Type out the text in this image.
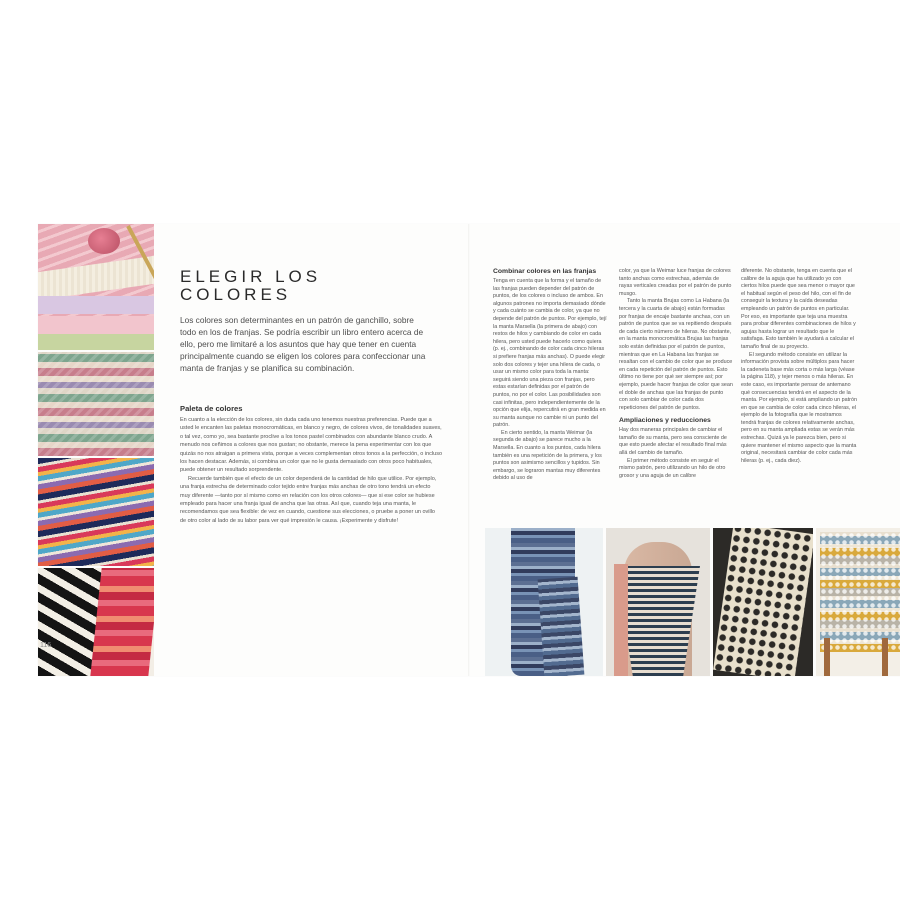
116
ELEGIR LOS
COLORES
Los colores son determinantes en un patrón de ganchillo, sobre todo en los de franjas. Se podría escribir un libro entero acerca de ello, pero me limitaré a los asuntos que hay que tener en cuenta principalmente cuando se eligen los colores para confeccionar una manta de franjas y se planifica su combinación.
Paleta de colores

En cuanto a la elección de los colores, sin duda cada uno tenemos nuestras preferencias. Puede que a usted le encanten las paletas monocromáticas, en blanco y negro, de colores vivos, de tonalidades suaves, o tal vez, como yo, sea bastante proclive a los tonos pastel combinados con abundante blanco crudo. A menudo nos ceñimos a colores que nos gustan; no obstante, merece la pena experimentar con los que quizás no nos atraigan a primera vista, porque a veces complementan otros tonos a la perfección, o incluso los hacen destacar. Además, si combina un color que no le gusta demasiado con otros poco habituales, puede obtener un resultado sorprendente.

Recuerde también que el efecto de un color dependerá de la cantidad de hilo que utilice. Por ejemplo, una franja estrecha de determinado color tejido entre franjas más anchas de otro tono tendrá un efecto muy diferente —tanto por sí mismo como en relación con los otros colores— que si ese color se hubiese empleado para hacer una franja igual de ancha que las otras. Así que, cuando teja una manta, le recomendamos que sea flexible: de vez en cuando, cuestione sus elecciones, o pruebe a poner un ovillo de otro color al lado de su labor para ver qué impresión le causa. ¡Experimente y disfrute!

Combinar colores en las franjas

Tenga en cuenta que la forma y el tamaño de las franjas pueden depender del patrón de puntos, de los colores o incluso de ambos. En algunos patrones no importa demasiado dónde y cada cuánto se cambia de color, ya que no depende del patrón de puntos. Por ejemplo, tejí la manta Marsella (la primera de abajo) con restos de hilos y cambiando de color en cada hilera, pero usted puede hacerlo como quiera (p. ej., combinando de color cada cinco hileras si prefiere franjas más anchas). O puede elegir solo dos colores y tejer una hilera de cada, o usar un mismo color para toda la manta: seguirá siendo una pieza con franjas, pero estas estarían definidas por el patrón de puntos, no por el color. Las posibilidades son casi infinitas, pero independientemente de la opción que elija, repercutirá en gran medida en su manta aunque no cambie ni un punto del patrón.

En cierto sentido, la manta Weimar (la segunda de abajo) se parece mucho a la Marsella. En cuanto a los puntos, cada hilera también es una repetición de la primera, y los puntos son asimismo sencillos y tupidos. Sin embargo, se lograron mantas muy diferentes debido al uso de

color, ya que la Weimar luce franjas de colores tanto anchas como estrechas, además de rayas verticales creadas por el patrón de punto musgo.

Tanto la manta Brujas como La Habana (la tercera y la cuarta de abajo) están formadas por franjas de encaje bastante anchas, con un patrón de puntos que se va repitiendo después de cada cierto número de hileras. No obstante, en la manta monocromática Brujas las franjas solo están definidas por el patrón de puntos, mientras que en La Habana las franjas se resaltan con el cambio de color que se produce en cada repetición del patrón de puntos. Esto último no tiene por qué ser siempre así; por ejemplo, puede hacer franjas de color que sean el doble de anchas que las franjas de punto con solo cambiar de color cada dos repeticiones del patrón de puntos.

Ampliaciones y reducciones

Hay dos maneras principales de cambiar el tamaño de su manta, pero sea consciente de que esto puede afectar el resultado final más allá del cambio de tamaño.

El primer método consiste en seguir el mismo patrón, pero utilizando un hilo de otro grosor y una aguja de un calibre

diferente. No obstante, tenga en cuenta que el calibre de la aguja que ha utilizado yo con ciertos hilos puede que sea menor o mayor que el habitual según el peso del hilo, con el fin de conseguir la textura y la caída deseadas empleando un patrón de puntos en particular. Por eso, es importante que teja una muestra para probar diferentes combinaciones de hilos y agujas hasta lograr un resultado que le satisfaga. Esto también le ayudará a calcular el tamaño final de su proyecto.

El segundo método consiste en utilizar la información provista sobre múltiplos para hacer la cadeneta base más corta o más larga (véase la página 118), y tejer menos o más hileras. En este caso, es importante pensar de antemano qué consecuencias tendrá en el aspecto de la manta. Por ejemplo, si está ampliando un patrón en que se cambia de color cada cinco hileras, el ejemplo de la fotografía que le mostramos tendrá franjas de colores relativamente anchas, pero en su manta ampliada estas se verán más estrechas. Quizá ya le parezca bien, pero si quiere mantener el mismo aspecto que la manta original, necesitará cambiar de color cada más hileras (p. ej., cada diez).
